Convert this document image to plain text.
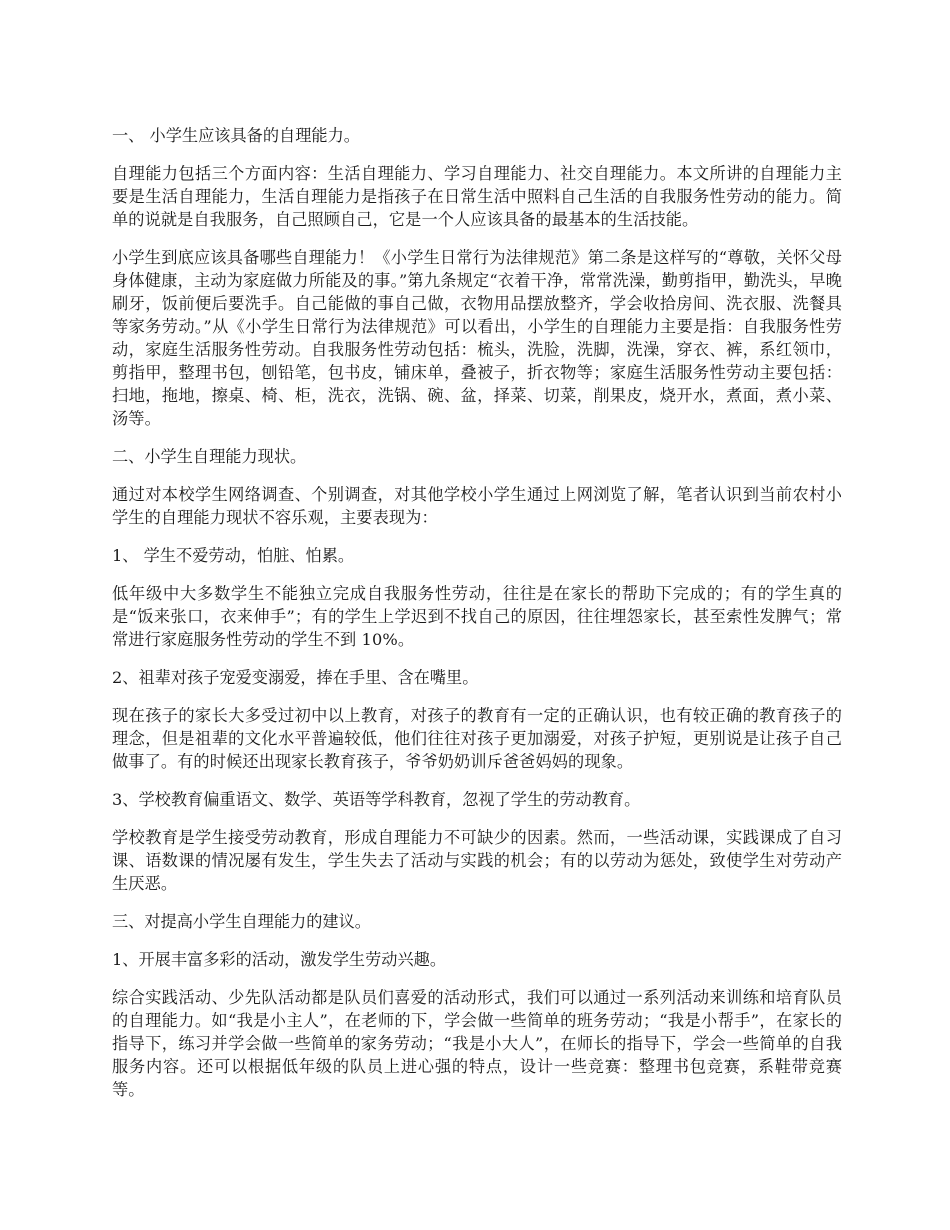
一、 小学生应该具备的自理能力。

自理能力包括三个方面内容：生活自理能力、学习自理能力、社交自理能力。本文所讲的自理能力主要是生活自理能力，生活自理能力是指孩子在日常生活中照料自己生活的自我服务性劳动的能力。简单的说就是自我服务，自己照顾自己，它是一个人应该具备的最基本的生活技能。

小学生到底应该具备哪些自理能力！《小学生日常行为法律规范》第二条是这样写的“尊敬，关怀父母身体健康，主动为家庭做力所能及的事。”第九条规定“衣着干净，常常洗澡，勤剪指甲，勤洗头，早晚刷牙，饭前便后要洗手。自己能做的事自己做，衣物用品摆放整齐，学会收拾房间、洗衣服、洗餐具等家务劳动。”从《小学生日常行为法律规范》可以看出，小学生的自理能力主要是指：自我服务性劳动，家庭生活服务性劳动。自我服务性劳动包括：梳头，洗脸，洗脚，洗澡，穿衣、裤，系红领巾，剪指甲，整理书包，刨铅笔，包书皮，铺床单，叠被子，折衣物等；家庭生活服务性劳动主要包括：扫地，拖地，擦桌、椅、柜，洗衣，洗锅、碗、盆，择菜、切菜，削果皮，烧开水，煮面，煮小菜、汤等。

二、小学生自理能力现状。

通过对本校学生网络调查、个别调查，对其他学校小学生通过上网浏览了解，笔者认识到当前农村小学生的自理能力现状不容乐观，主要表现为：

1、 学生不爱劳动，怕脏、怕累。

低年级中大多数学生不能独立完成自我服务性劳动，往往是在家长的帮助下完成的；有的学生真的是“饭来张口，衣来伸手”；有的学生上学迟到不找自己的原因，往往埋怨家长，甚至索性发脾气；常常进行家庭服务性劳动的学生不到 10%。

2、祖辈对孩子宠爱变溺爱，捧在手里、含在嘴里。

现在孩子的家长大多受过初中以上教育，对孩子的教育有一定的正确认识，也有较正确的教育孩子的理念，但是祖辈的文化水平普遍较低，他们往往对孩子更加溺爱，对孩子护短，更别说是让孩子自己做事了。有的时候还出现家长教育孩子，爷爷奶奶训斥爸爸妈妈的现象。

3、学校教育偏重语文、数学、英语等学科教育，忽视了学生的劳动教育。

学校教育是学生接受劳动教育，形成自理能力不可缺少的因素。然而，一些活动课，实践课成了自习课、语数课的情况屡有发生，学生失去了活动与实践的机会；有的以劳动为惩处，致使学生对劳动产生厌恶。

三、对提高小学生自理能力的建议。

1、开展丰富多彩的活动，激发学生劳动兴趣。

综合实践活动、少先队活动都是队员们喜爱的活动形式，我们可以通过一系列活动来训练和培育队员的自理能力。如“我是小主人”，在老师的下，学会做一些简单的班务劳动；“我是小帮手”，在家长的指导下，练习并学会做一些简单的家务劳动；“我是小大人”，在师长的指导下，学会一些简单的自我服务内容。还可以根据低年级的队员上进心强的特点，设计一些竞赛：整理书包竞赛，系鞋带竞赛等。
